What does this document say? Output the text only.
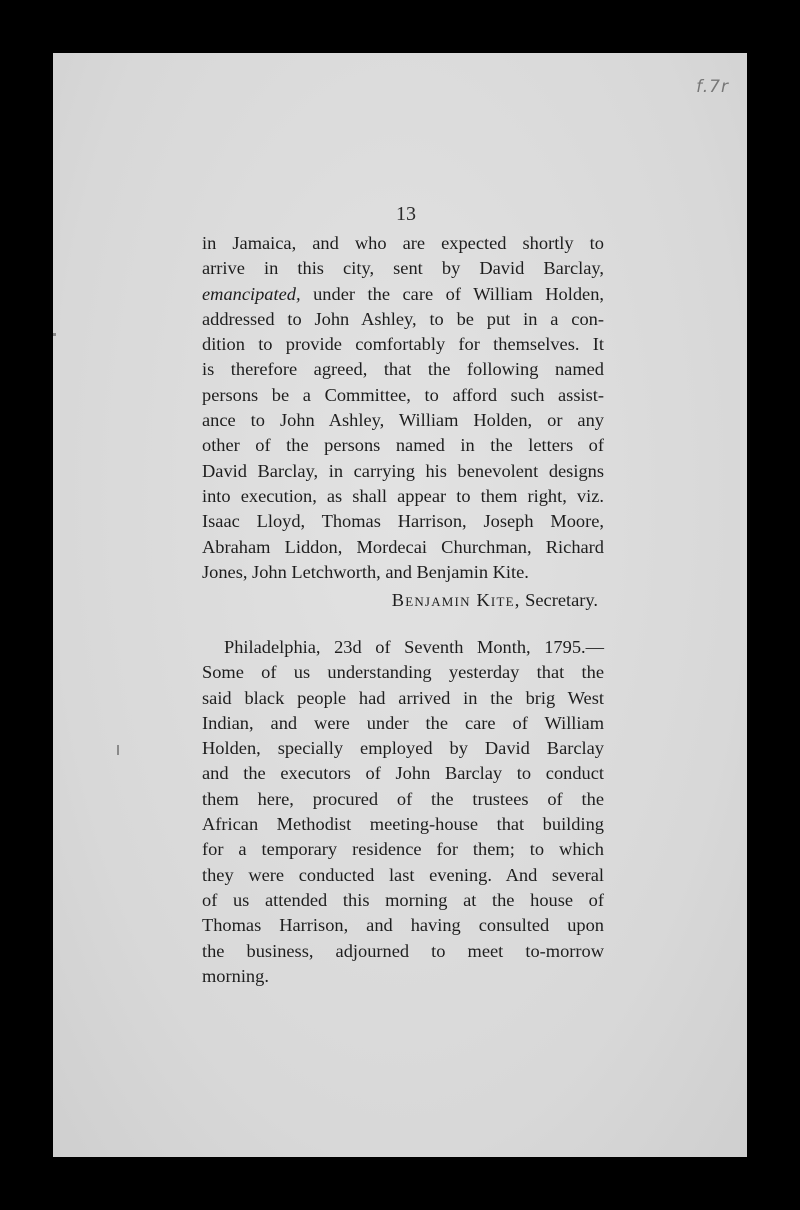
f.7r
13
in Jamaica, and who are expected shortly to
arrive in this city, sent by David Barclay,
emancipated, under the care of William Holden,
addressed to John Ashley, to be put in a con-
dition to provide comfortably for themselves. It
is therefore agreed, that the following named
persons be a Committee, to afford such assist-
ance to John Ashley, William Holden, or any
other of the persons named in the letters of
David Barclay, in carrying his benevolent designs
into execution, as shall appear to them right, viz.
Isaac Lloyd, Thomas Harrison, Joseph Moore,
Abraham Liddon, Mordecai Churchman, Richard
Jones, John Letchworth, and Benjamin Kite.
Benjamin Kite, Secretary.
Philadelphia, 23d of Seventh Month, 1795.—
Some of us understanding yesterday that the
said black people had arrived in the brig West
Indian, and were under the care of William
Holden, specially employed by David Barclay
and the executors of John Barclay to conduct
them here, procured of the trustees of the
African Methodist meeting-house that building
for a temporary residence for them; to which
they were conducted last evening. And several
of us attended this morning at the house of
Thomas Harrison, and having consulted upon
the business, adjourned to meet to-morrow
morning.
